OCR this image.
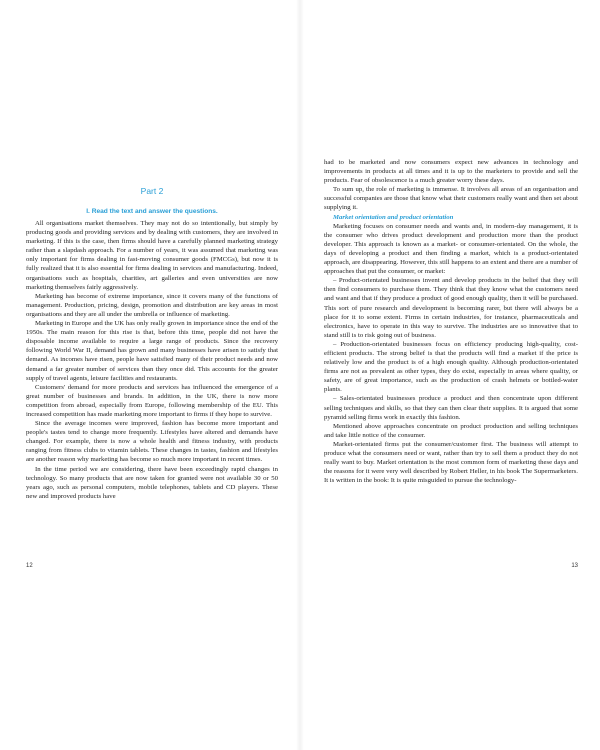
Part 2
I. Read the text and answer the questions.

All organisations market themselves. They may not do so intentionally, but simply by producing goods and providing services and by dealing with customers, they are involved in marketing. If this is the case, then firms should have a carefully planned marketing strategy rather than a slapdash approach. For a number of years, it was assumed that marketing was only important for firms dealing in fast-moving consumer goods (FMCGs), but now it is fully realized that it is also essential for firms dealing in services and manufacturing. Indeed, organisations such as hospitals, charities, art galleries and even universities are now marketing themselves fairly aggressively.

Marketing has become of extreme importance, since it covers many of the functions of management. Production, pricing, design, promotion and distribution are key areas in most organisations and they are all under the umbrella or influence of marketing.

Marketing in Europe and the UK has only really grown in importance since the end of the 1950s. The main reason for this rise is that, before this time, people did not have the disposable income available to require a large range of products. Since the recovery following World War II, demand has grown and many businesses have arisen to satisfy that demand. As incomes have risen, people have satisfied many of their product needs and now demand a far greater number of services than they once did. This accounts for the greater supply of travel agents, leisure facilities and restaurants.

Customers' demand for more products and services has influenced the emergence of a great number of businesses and brands. In addition, in the UK, there is now more competition from abroad, especially from Europe, following membership of the EU. This increased competition has made marketing more important to firms if they hope to survive.

Since the average incomes were improved, fashion has become more important and people's tastes tend to change more frequently. Lifestyles have altered and demands have changed. For example, there is now a whole health and fitness industry, with products ranging from fitness clubs to vitamin tablets. These changes in tastes, fashion and lifestyles are another reason why marketing has become so much more important in recent times.

In the time period we are considering, there have been exceedingly rapid changes in technology. So many products that are now taken for granted were not available 30 or 50 years ago, such as personal computers, mobile telephones, tablets and CD players. These new and improved products have

12

had to be marketed and now consumers expect new advances in technology and improvements in products at all times and it is up to the marketers to provide and sell the products. Fear of obsolescence is a much greater worry these days.

To sum up, the role of marketing is immense. It involves all areas of an organisation and successful companies are those that know what their customers really want and then set about supplying it.

Market orientation and product orientation

Marketing focuses on consumer needs and wants and, in modern-day management, it is the consumer who drives product development and production more than the product developer. This approach is known as a market- or consumer-orientated. On the whole, the days of developing a product and then finding a market, which is a product-orientated approach, are disappearing. However, this still happens to an extent and there are a number of approaches that put the consumer, or market:

– Product-orientated businesses invent and develop products in the belief that they will then find consumers to purchase them. They think that they know what the customers need and want and that if they produce a product of good enough quality, then it will be purchased. This sort of pure research and development is becoming rarer, but there will always be a place for it to some extent. Firms in certain industries, for instance, pharmaceuticals and electronics, have to operate in this way to survive. The industries are so innovative that to stand still is to risk going out of business.

– Production-orientated businesses focus on efficiency producing high-quality, cost-efficient products. The strong belief is that the products will find a market if the price is relatively low and the product is of a high enough quality. Although production-orientated firms are not as prevalent as other types, they do exist, especially in areas where quality, or safety, are of great importance, such as the production of crash helmets or bottled-water plants.

– Sales-orientated businesses produce a product and then concentrate upon different selling techniques and skills, so that they can then clear their supplies. It is argued that some pyramid selling firms work in exactly this fashion.

Mentioned above approaches concentrate on product production and selling techniques and take little notice of the consumer.

Market-orientated firms put the consumer/customer first. The business will attempt to produce what the consumers need or want, rather than try to sell them a product they do not really want to buy. Market orientation is the most common form of marketing these days and the reasons for it were very well described by Robert Heller, in his book The Supermarketers. It is written in the book: It is quite misguided to pursue the technology-

13
